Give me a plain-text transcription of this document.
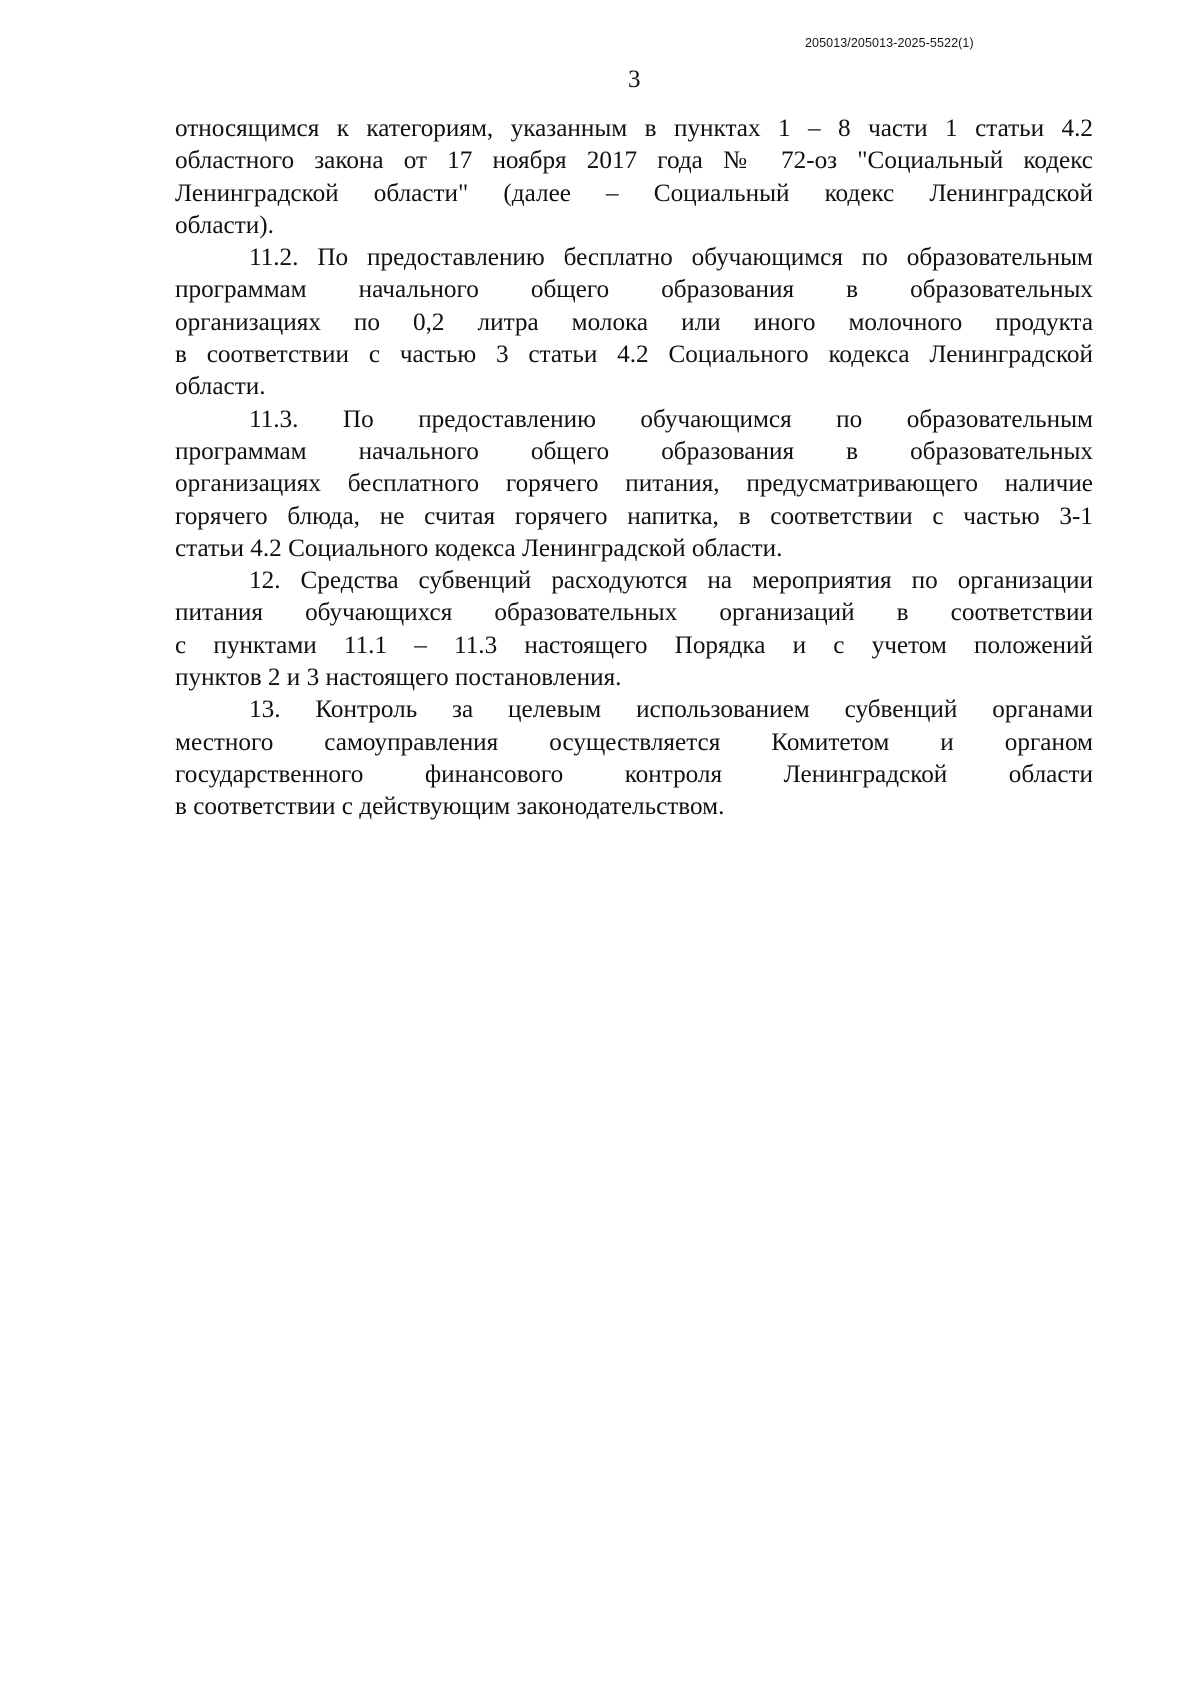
205013/205013-2025-5522(1)
3
относящимся к категориям, указанным в пунктах 1 – 8 части 1 статьи 4.2
областного закона от 17 ноября 2017 года № 72-оз "Социальный кодекс
Ленинградской области" (далее – Социальный кодекс Ленинградской
области).
11.2. По предоставлению бесплатно обучающимся по образовательным
программам начального общего образования в образовательных
организациях по 0,2 литра молока или иного молочного продукта
в соответствии с частью 3 статьи 4.2 Социального кодекса Ленинградской
области.
11.3. По предоставлению обучающимся по образовательным
программам начального общего образования в образовательных
организациях бесплатного горячего питания, предусматривающего наличие
горячего блюда, не считая горячего напитка, в соответствии с частью 3-1
статьи 4.2 Социального кодекса Ленинградской области.
12. Средства субвенций расходуются на мероприятия по организации
питания обучающихся образовательных организаций в соответствии
с пунктами 11.1 – 11.3 настоящего Порядка и с учетом положений
пунктов 2 и 3 настоящего постановления.
13. Контроль за целевым использованием субвенций органами
местного самоуправления осуществляется Комитетом и органом
государственного финансового контроля Ленинградской области
в соответствии с действующим законодательством.
